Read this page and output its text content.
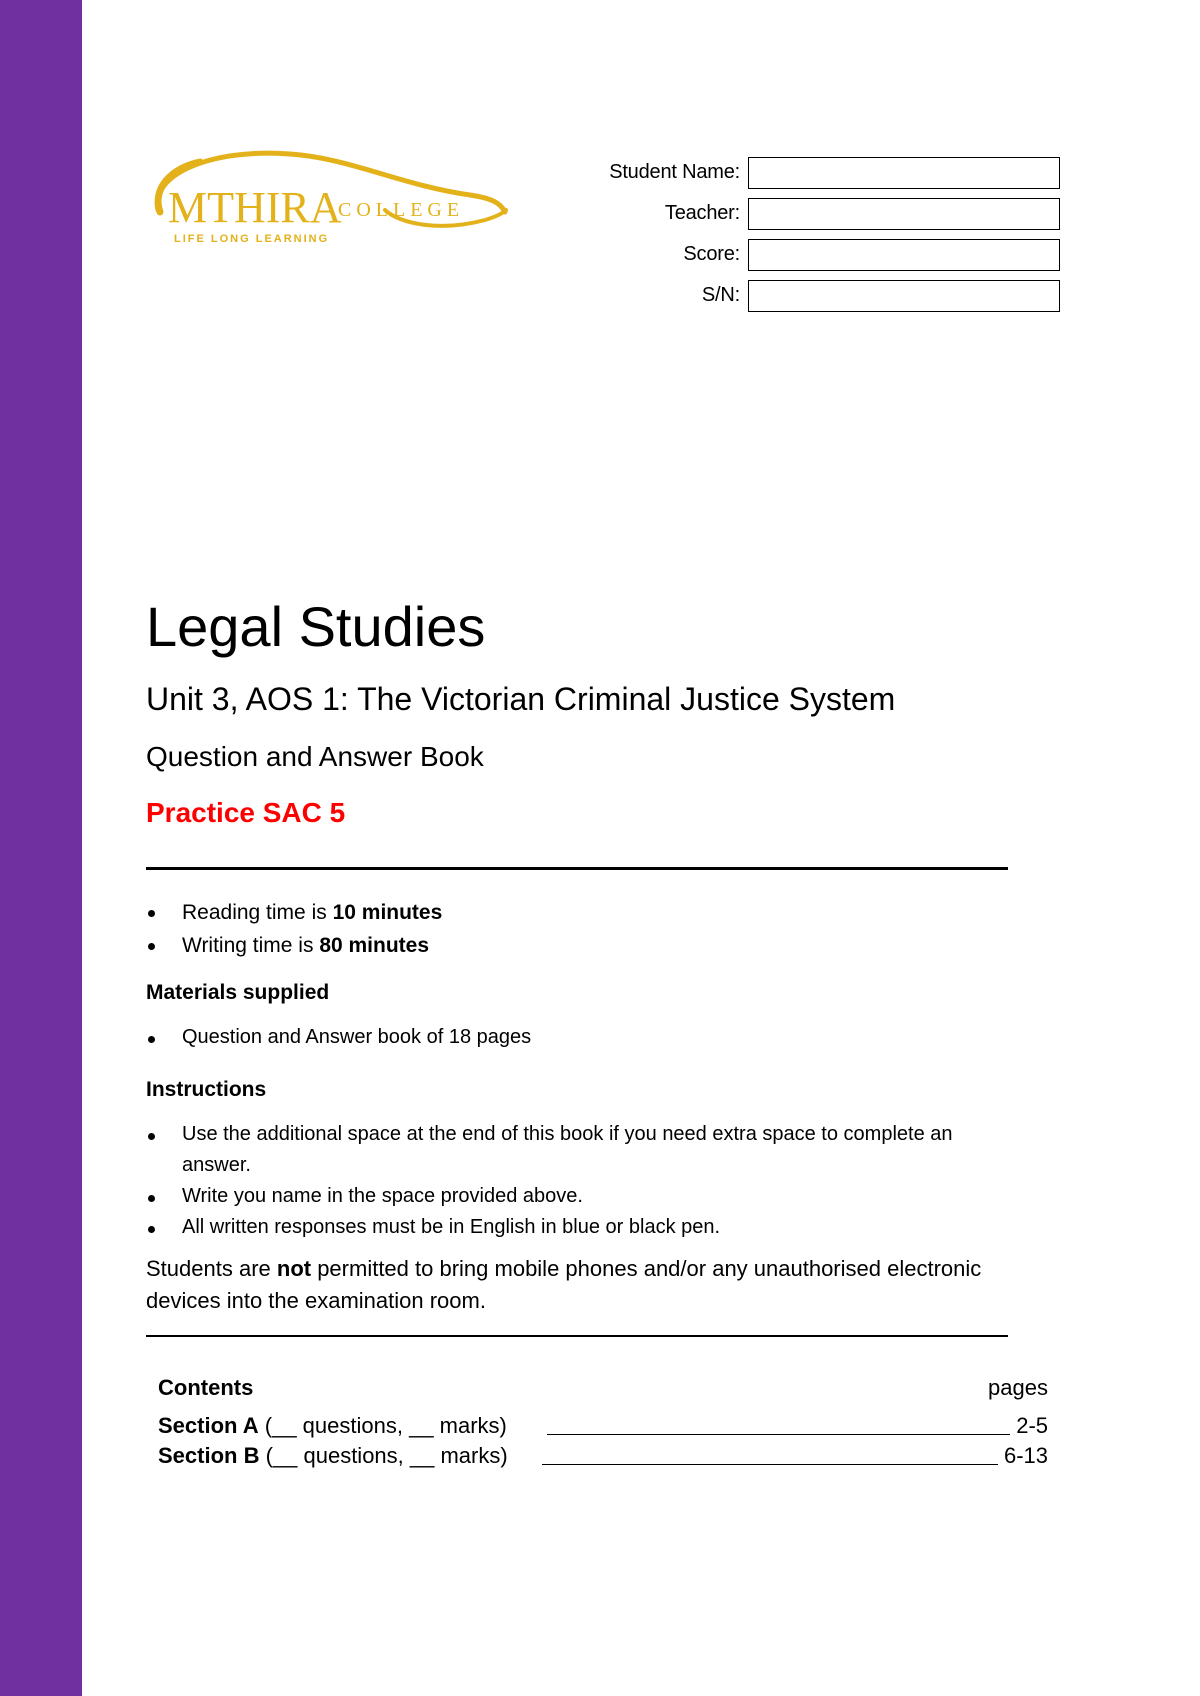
MTHIRA
COLLEGE
LIFE LONG LEARNING
Student Name:
Teacher:
Score:
S/N:
Legal Studies
Unit 3, AOS 1: The Victorian Criminal Justice System
Question and Answer Book
Practice SAC 5
Reading time is 10 minutes
Writing time is 80 minutes
Materials supplied
Question and Answer book of 18 pages
Instructions
Use the additional space at the end of this book if you need extra space to complete an answer.
Write you name in the space provided above.
All written responses must be in English in blue or black pen.
Students are not permitted to bring mobile phones and/or any unauthorised electronic devices into the examination room.
Contents	pages
Section A (__ questions, __ marks)	2-5
Section B (__ questions, __ marks)	6-13
